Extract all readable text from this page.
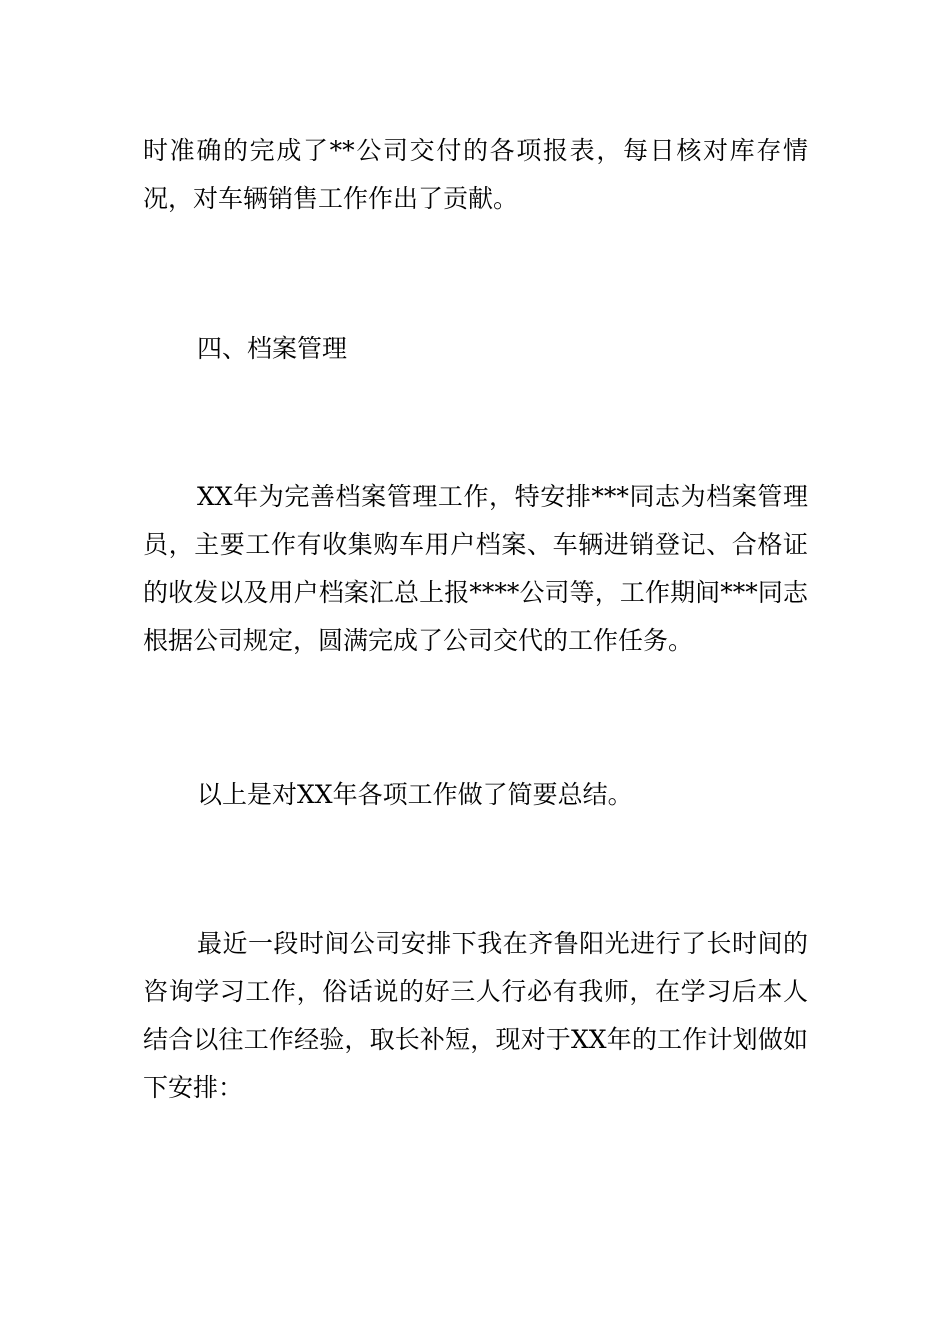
时准确的完成了**公司交付的各项报表，每日核对库存情况，对车辆销售工作作出了贡献。

四、档案管理

XX年为完善档案管理工作，特安排***同志为档案管理员，主要工作有收集购车用户档案、车辆进销登记、合格证的收发以及用户档案汇总上报****公司等，工作期间***同志根据公司规定，圆满完成了公司交代的工作任务。

以上是对XX年各项工作做了简要总结。

最近一段时间公司安排下我在齐鲁阳光进行了长时间的咨询学习工作，俗话说的好三人行必有我师，在学习后本人结合以往工作经验，取长补短，现对于XX年的工作计划做如下安排：
